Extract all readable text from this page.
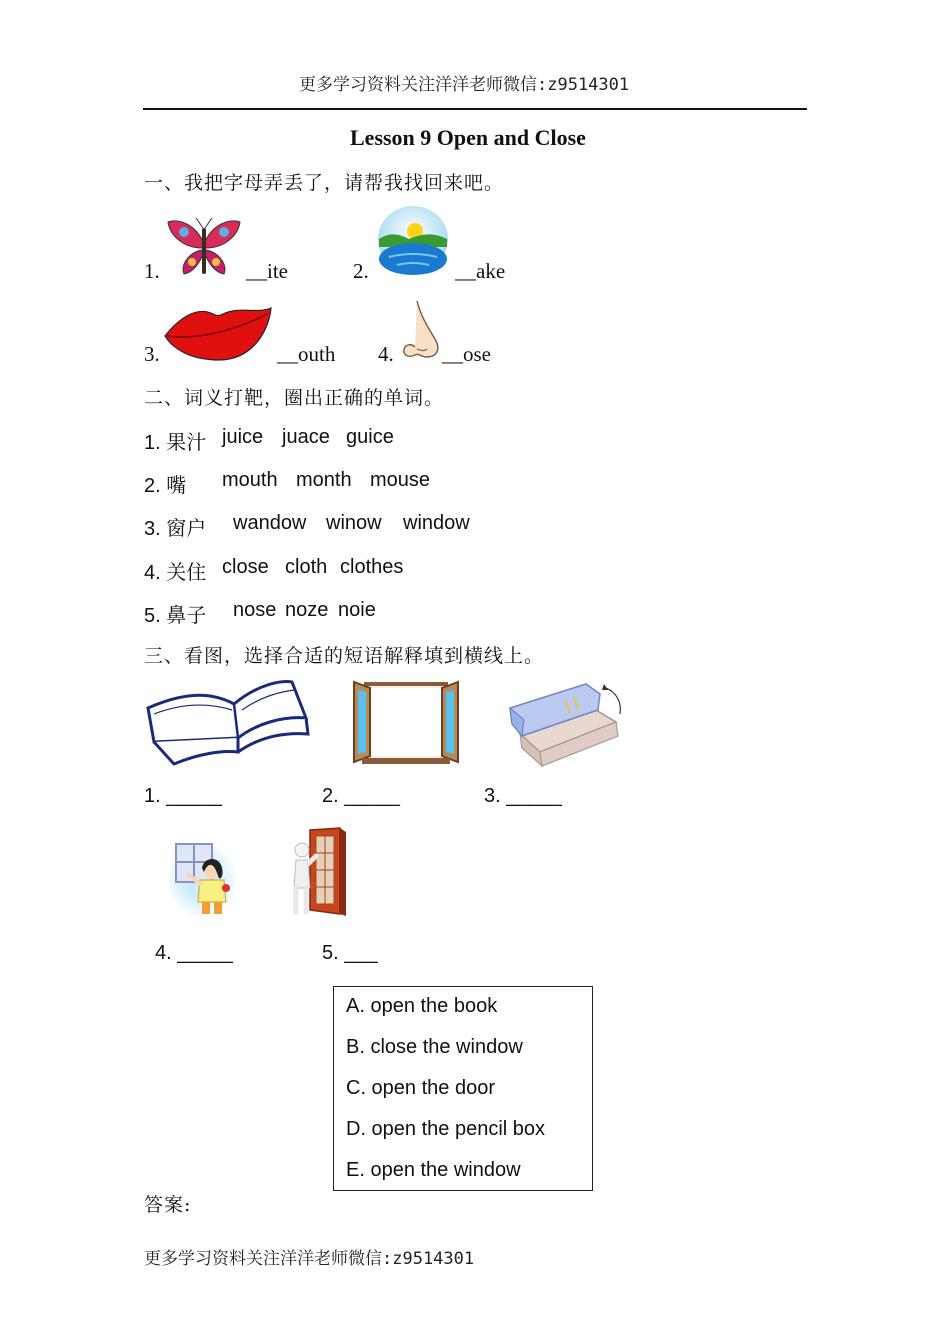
更多学习资料关注洋洋老师微信:z9514301
Lesson 9 Open and Close
一、我把字母弄丢了，请帮我找回来吧。
1.	__ite	2.	__ake
3.	__outh 4. __ose
二、词义打靶，圈出正确的单词。
1. 果汁 juice juace guice
2. 嘴 mouth month mouse
3. 窗户 wandow winow window
4. 关住 close cloth clothes
5. 鼻子 nose noze noie
三、看图，选择合适的短语解释填到横线上。
1. _____	2. _____	3. _____
4. _____	5. ___
A. open the book
B. close the window
C. open the door
D. open the pencil box
E. open the window
答案:
更多学习资料关注洋洋老师微信:z9514301
